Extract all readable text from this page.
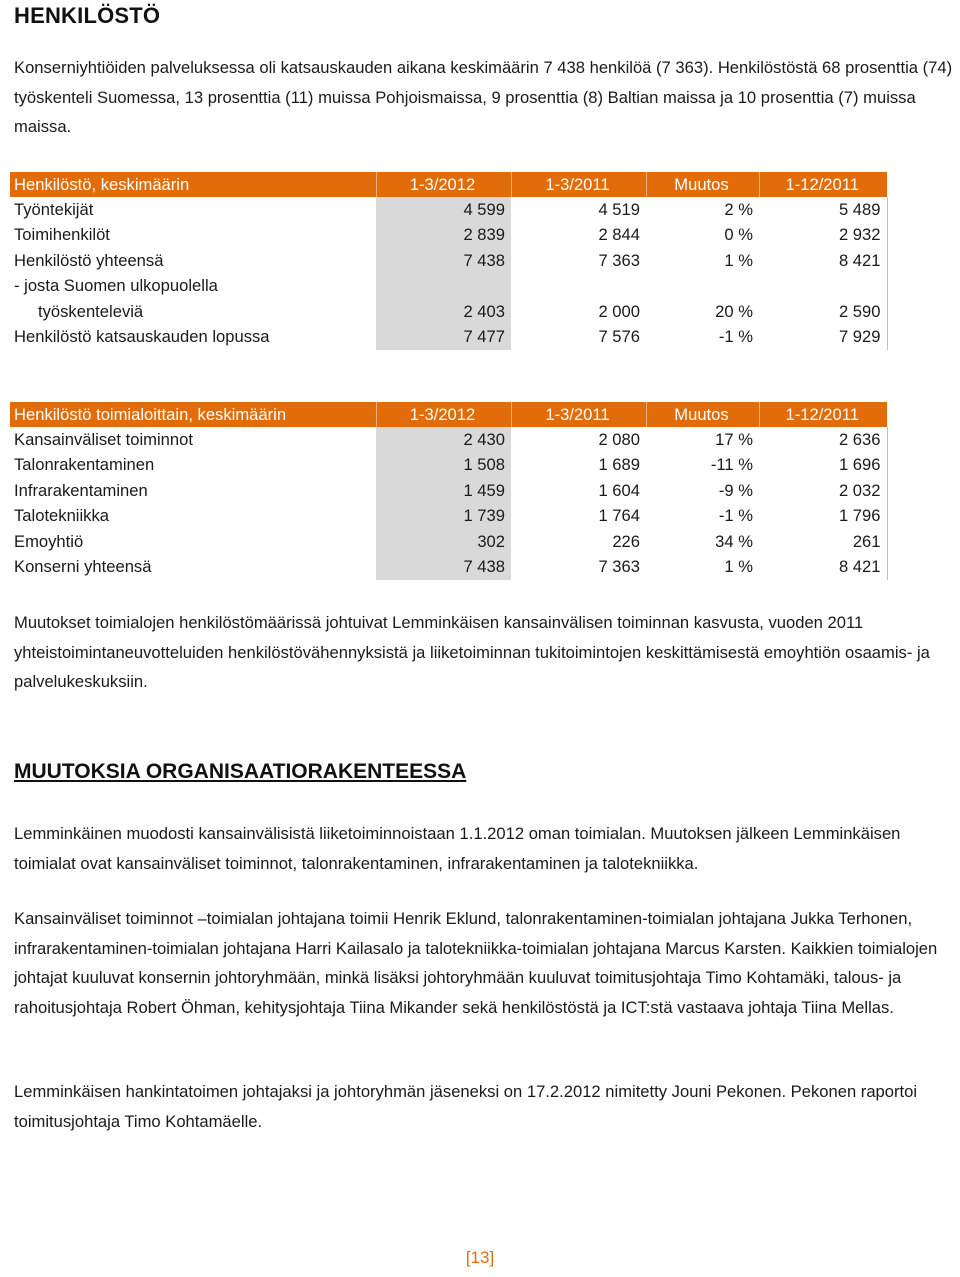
HENKILÖSTÖ
Konserniyhtiöiden palveluksessa oli katsauskauden aikana keskimäärin 7 438 henkilöä (7 363). Henkilöstöstä 68 prosenttia (74) työskenteli Suomessa, 13 prosenttia (11) muissa Pohjoismaissa, 9 prosenttia (8) Baltian maissa ja 10 prosenttia (7) muissa maissa.
Henkilöstö, keskimäärin	1-3/2012	1-3/2011	Muutos	1-12/2011
Työntekijät	4 599	4 519	2 %	5 489
Toimihenkilöt	2 839	2 844	0 %	2 932
Henkilöstö yhteensä	7 438	7 363	1 %	8 421
- josta Suomen ulkopuolella				
työskenteleviä	2 403	2 000	20 %	2 590
Henkilöstö katsauskauden lopussa	7 477	7 576	-1 %	7 929
Henkilöstö toimialoittain, keskimäärin	1-3/2012	1-3/2011	Muutos	1-12/2011
Kansainväliset toiminnot	2 430	2 080	17 %	2 636
Talonrakentaminen	1 508	1 689	-11 %	1 696
Infrarakentaminen	1 459	1 604	-9 %	2 032
Talotekniikka	1 739	1 764	-1 %	1 796
Emoyhtiö	302	226	34 %	261
Konserni yhteensä	7 438	7 363	1 %	8 421
Muutokset toimialojen henkilöstömäärissä johtuivat Lemminkäisen kansainvälisen toiminnan kasvusta, vuoden 2011 yhteistoimintaneuvotteluiden henkilöstövähennyksistä ja liiketoiminnan tukitoimintojen keskittämisestä emoyhtiön osaamis- ja palvelukeskuksiin.
MUUTOKSIA ORGANISAATIORAKENTEESSA
Lemminkäinen muodosti kansainvälisistä liiketoiminnoistaan 1.1.2012 oman toimialan. Muutoksen jälkeen Lemminkäisen toimialat ovat kansainväliset toiminnot, talonrakentaminen, infrarakentaminen ja talotekniikka.
Kansainväliset toiminnot –toimialan johtajana toimii Henrik Eklund, talonrakentaminen-toimialan johtajana Jukka Terhonen, infrarakentaminen-toimialan johtajana Harri Kailasalo ja talotekniikka-toimialan johtajana Marcus Karsten. Kaikkien toimialojen johtajat kuuluvat konsernin johtoryhmään, minkä lisäksi johtoryhmään kuuluvat toimitusjohtaja Timo Kohtamäki, talous- ja rahoitusjohtaja Robert Öhman, kehitysjohtaja Tiina Mikander sekä henkilöstöstä ja ICT:stä vastaava johtaja Tiina Mellas.
Lemminkäisen hankintatoimen johtajaksi ja johtoryhmän jäseneksi on 17.2.2012 nimitetty Jouni Pekonen. Pekonen raportoi toimitusjohtaja Timo Kohtamäelle.
[13]
